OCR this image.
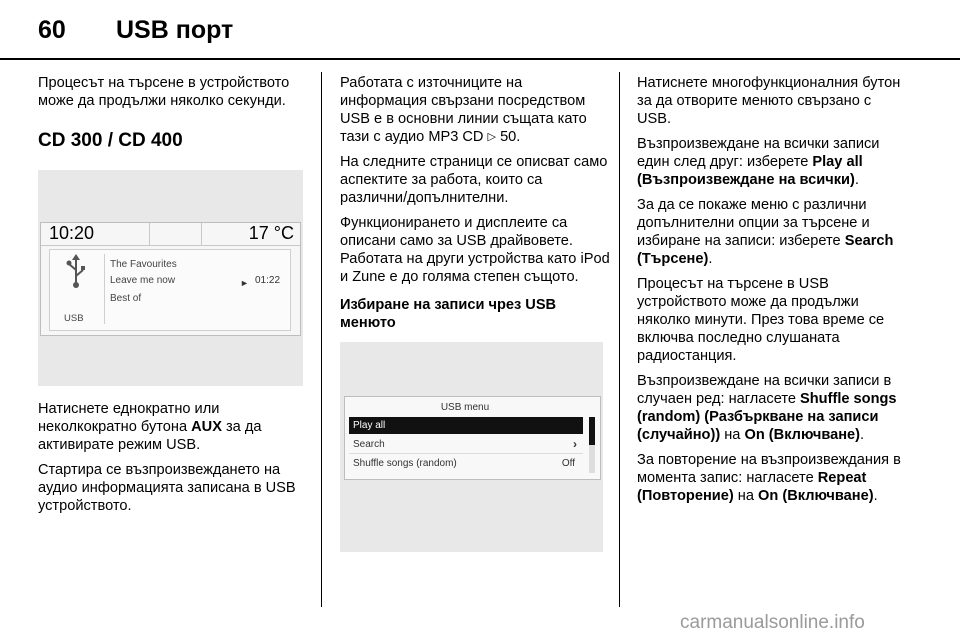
60 USB порт

Процесът на търсене в устройството може да продължи няколко секунди.

CD 300 / CD 400
10:20	17 °C
USB
The Favourites
Leave me now
Best of
► 01:22

Натиснете еднократно или неколкократно бутона AUX за да активирате режим USB.

Стартира се възпроизвеждането на аудио информацията записана в USB устройството.

Работата с източниците на информация свързани посредством USB е в основни линии същата като тази с аудио MP3 CD ▷ 50.

На следните страници се описват само аспектите за работа, които са различни/допълнителни.

Функционирането и дисплеите са описани само за USB драйвовете. Работата на други устройства като iPod и Zune е до голяма степен същото.

Избиране на записи чрез USB менюто
USB menu
Play all
Search	›
Shuffle songs (random)	Off

Натиснете многофункционалния бутон за да отворите менюто свързано с USB.

Възпроизвеждане на всички записи един след друг: изберете Play all (Възпроизвеждане на всички).

За да се покаже меню с различни допълнителни опции за търсене и избиране на записи: изберете Search (Търсене).

Процесът на търсене в USB устройството може да продължи няколко минути. През това време се включва последно слушаната радиостанция.

Възпроизвеждане на всички записи в случаен ред: нагласете Shuffle songs (random) (Разбъркване на записи (случайно)) на On (Включване).

За повторение на възпроизвеждания в момента запис: нагласете Repeat (Повторение) на On (Включване).

carmanualsonline.info
